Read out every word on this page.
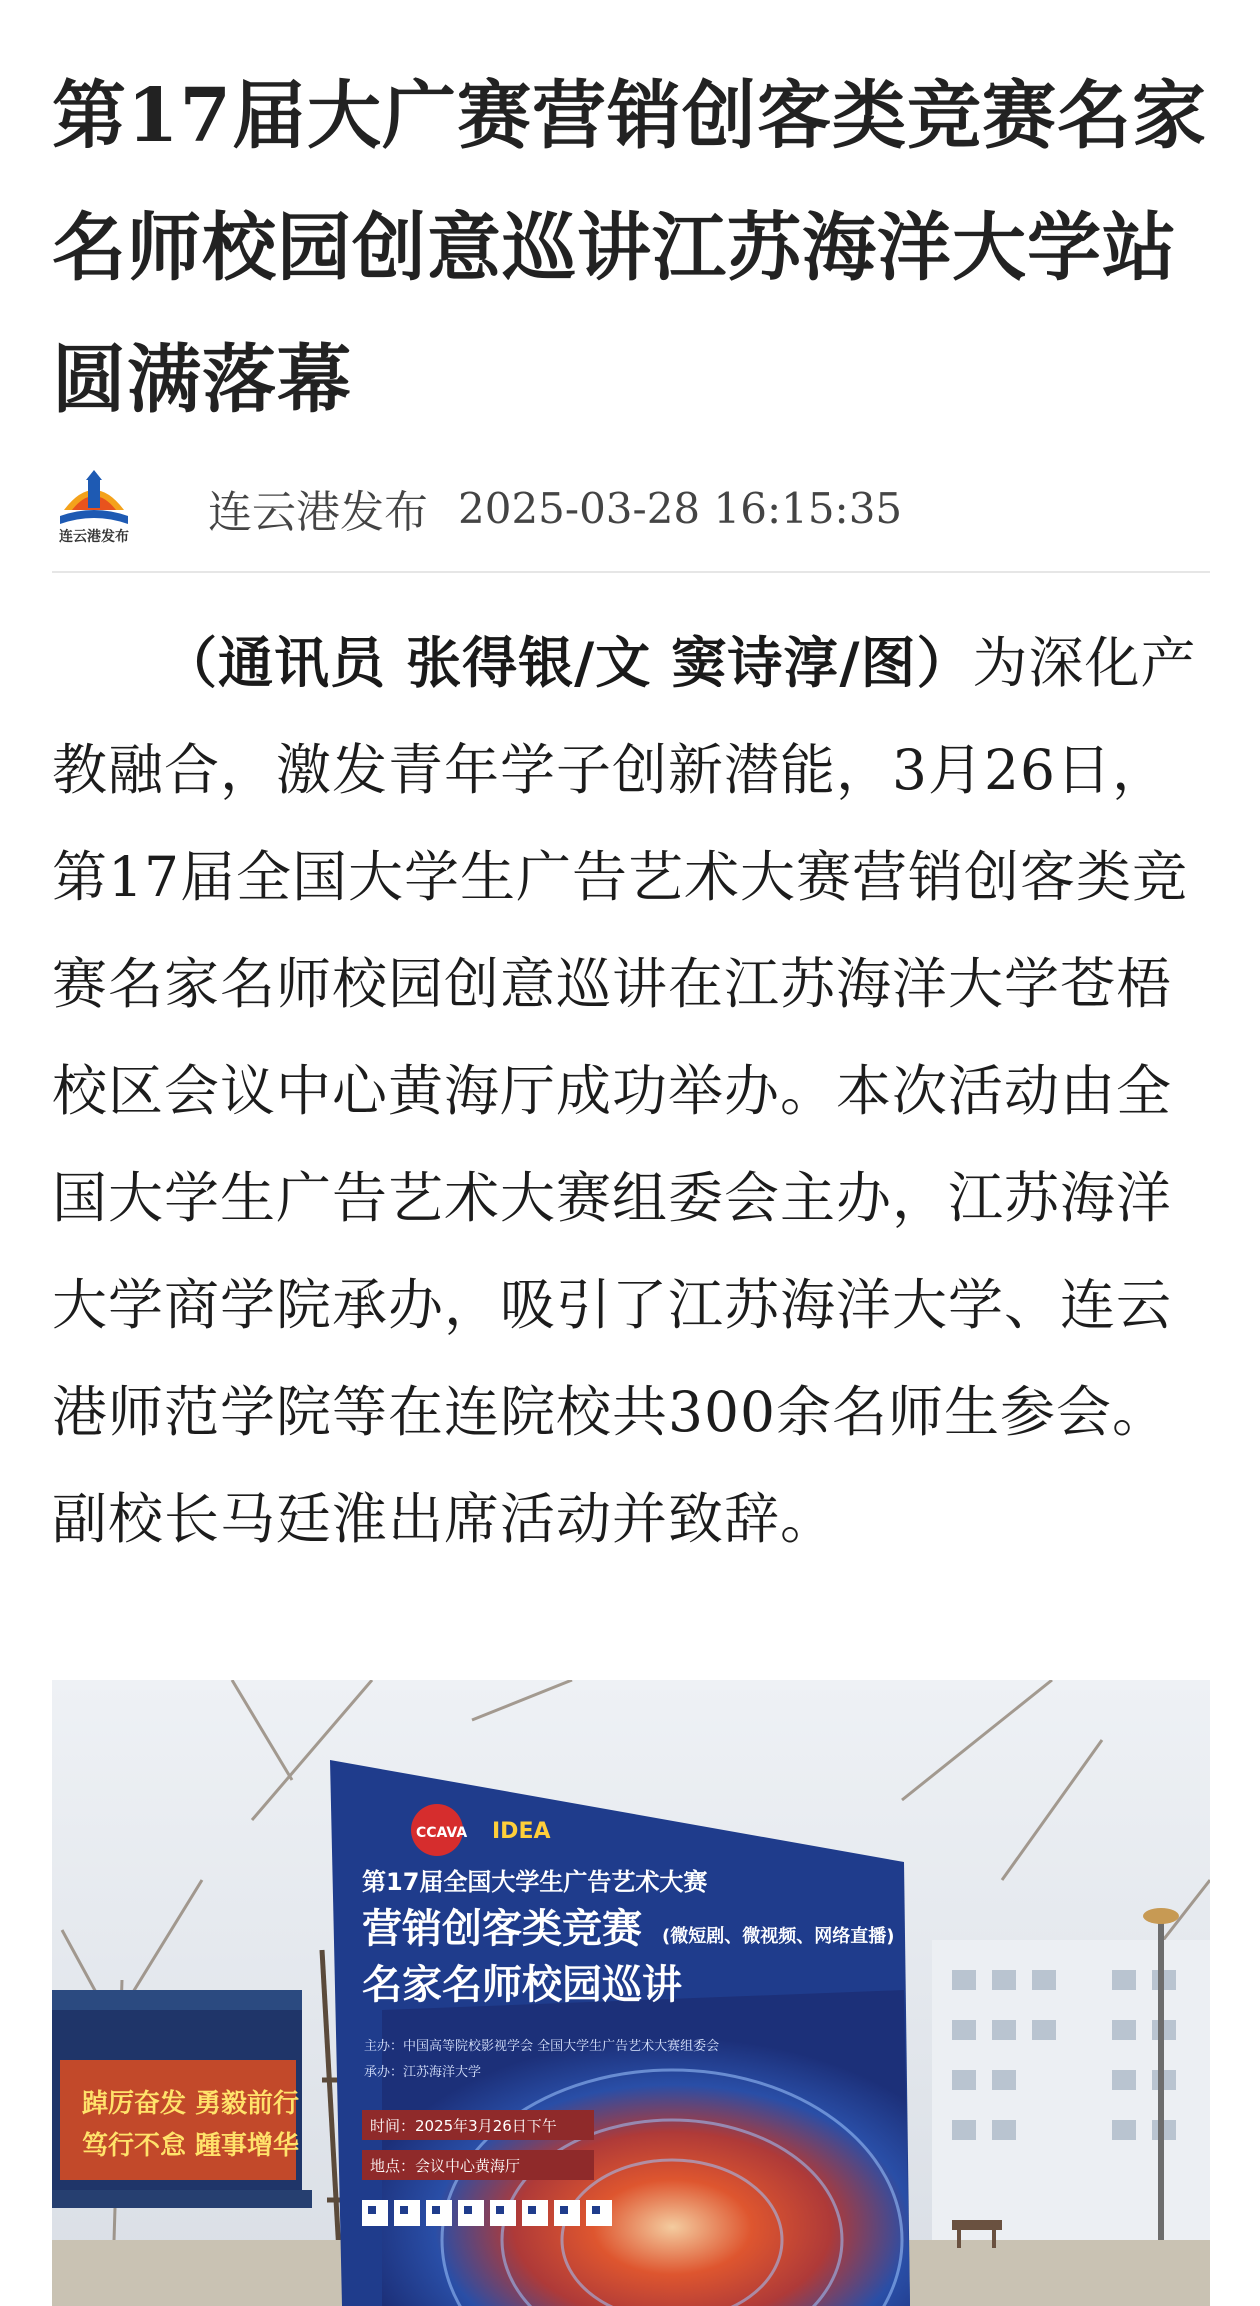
第17届大广赛营销创客类竞赛名家名师校园创意巡讲江苏海洋大学站圆满落幕
连云港发布 连云港发布 2025-03-28 16:15:35

（通讯员 张得银/文 窦诗淳/图）为深化产教融合，激发青年学子创新潜能，3月26日，第17届全国大学生广告艺术大赛营销创客类竞赛名家名师校园创意巡讲在江苏海洋大学苍梧校区会议中心黄海厅成功举办。本次活动由全国大学生广告艺术大赛组委会主办，江苏海洋大学商学院承办，吸引了江苏海洋大学、连云港师范学院等在连院校共300余名师生参会。副校长马廷淮出席活动并致辞。

踔厉奋发 勇毅前行
笃行不怠 踵事增华
CCAVA IDEA
第17届全国大学生广告艺术大赛
营销创客类竞赛 (微短剧、微视频、网络直播)
名家名师校园巡讲
主办：中国高等院校影视学会 全国大学生广告艺术大赛组委会
承办：江苏海洋大学
时间：2025年3月26日下午
地点：会议中心黄海厅
